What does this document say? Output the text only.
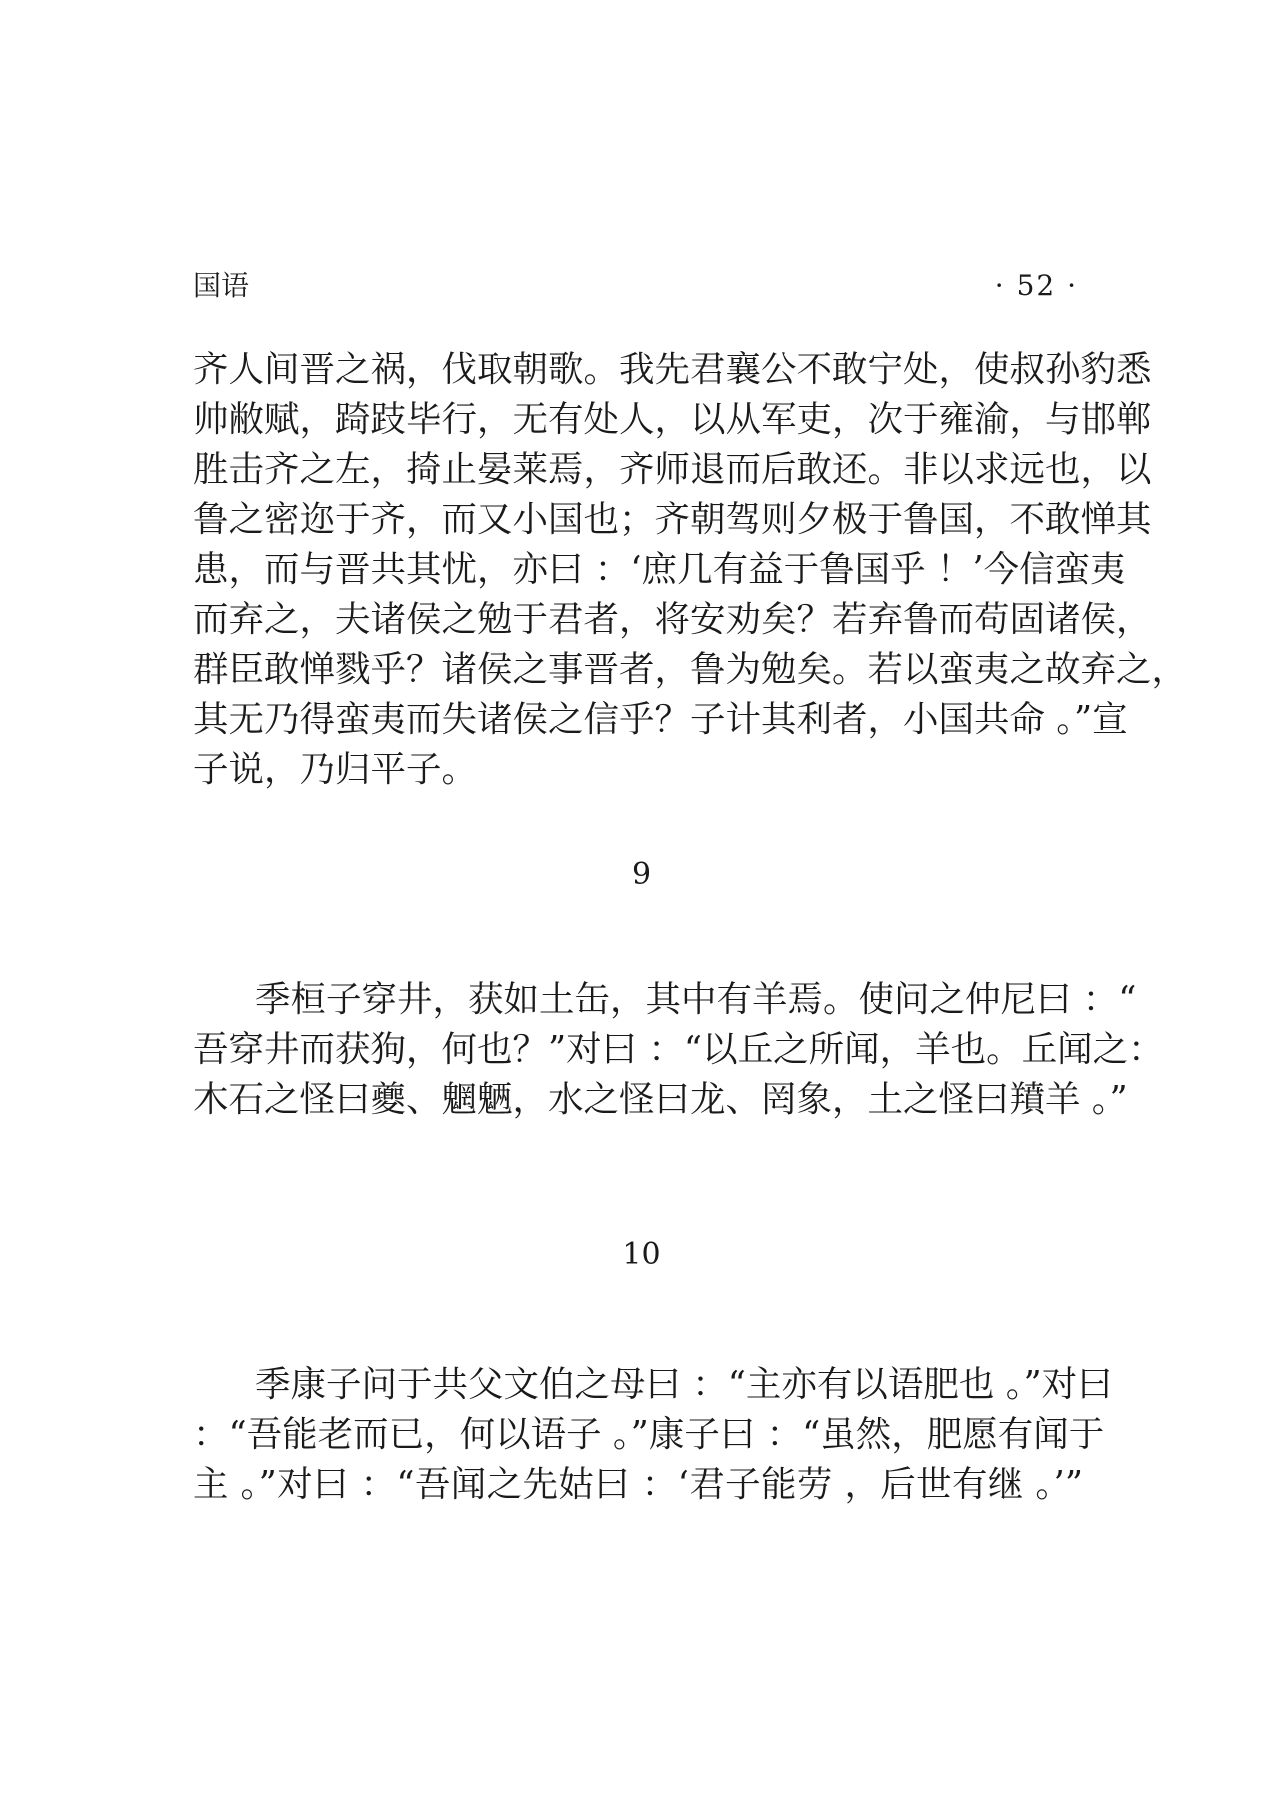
国语	· 52 ·
齐人间晋之祸，伐取朝歌。我先君襄公不敢宁处，使叔孙豹悉
帅敝赋，踦跂毕行，无有处人，以从军吏，次于雍渝，与邯郸
胜击齐之左，掎止晏莱焉，齐师退而后敢还。非以求远也，以
鲁之密迩于齐，而又小国也；齐朝驾则夕极于鲁国，不敢惮其
患，而与晋共其忧，亦曰 ：‘庶几有益于鲁国乎 ！’今信蛮夷
而弃之，夫诸侯之勉于君者，将安劝矣？若弃鲁而苟固诸侯，
群臣敢惮戮乎？诸侯之事晋者，鲁为勉矣。若以蛮夷之故弃之，
其无乃得蛮夷而失诸侯之信乎？子计其利者，小国共命 。”宣
子说，乃归平子。
9
季桓子穿井，获如土缶，其中有羊焉。使问之仲尼曰 ：“
吾穿井而获狗，何也？”对曰 ：“以丘之所闻，羊也。丘闻之：
木石之怪曰夔、魍魉，水之怪曰龙、罔象，土之怪曰羵羊 。”
10
季康子问于共父文伯之母曰 ：“主亦有以语肥也 。”对曰
：“吾能老而已，何以语子 。”康子曰 ：“虽然，肥愿有闻于
主 。”对曰 ：“吾闻之先姑曰 ：‘君子能劳 ，后世有继 。’”
